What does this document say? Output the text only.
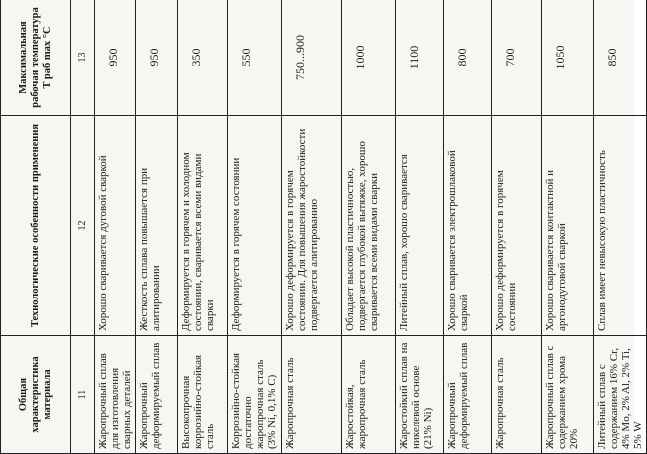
Общая характеристика материала	Технологические особенности применения	Максимальная рабочая температура
T раб max °C
11	12	13
Жаропрочный сплав для изготовления сварных деталей	Хорошо сваривается дуговой сваркой	950
Жаропрочный деформируемый сплав	Жесткость сплава повышается при алитировании	950
Высокопрочная коррозийно-стойкая сталь	Деформируется в горячем и холодном состоянии, сваривается всеми видами сварки	350
Коррозийно-стойкая достаточно жаропрочная сталь (3% Ni, 0,1% C)	Деформируется в горячем состоянии	550
Жаропрочная сталь	Хорошо деформируется в горячем состоянии. Для повышения жаростойкости подвергается алитированию	750...900
Жаростойкая, жаропрочная сталь	Обладает высокой пластичностью, подвергается глубокой вытяжке, хорошо сваривается всеми видами сварки	1000
Жаростойкий сплав на никелевой основе (21% Ni)	Литейный сплав, хорошо сваривается	1100
Жаропрочный деформируемый сплав	Хорошо сваривается электрошлаковой сваркой	800
Жаропрочная сталь	Хорошо деформируется в горячем состоянии	700
Жаропрочный сплав с содержанием хрома 20%	Хорошо сваривается контактной и аргонодуговой сваркой	1050
Литейный сплав с содержанием 16% Cr, 4% Mo, 2% Al, 2% Ti, 5% W	Сплав имеет невысокую пластичность	850
